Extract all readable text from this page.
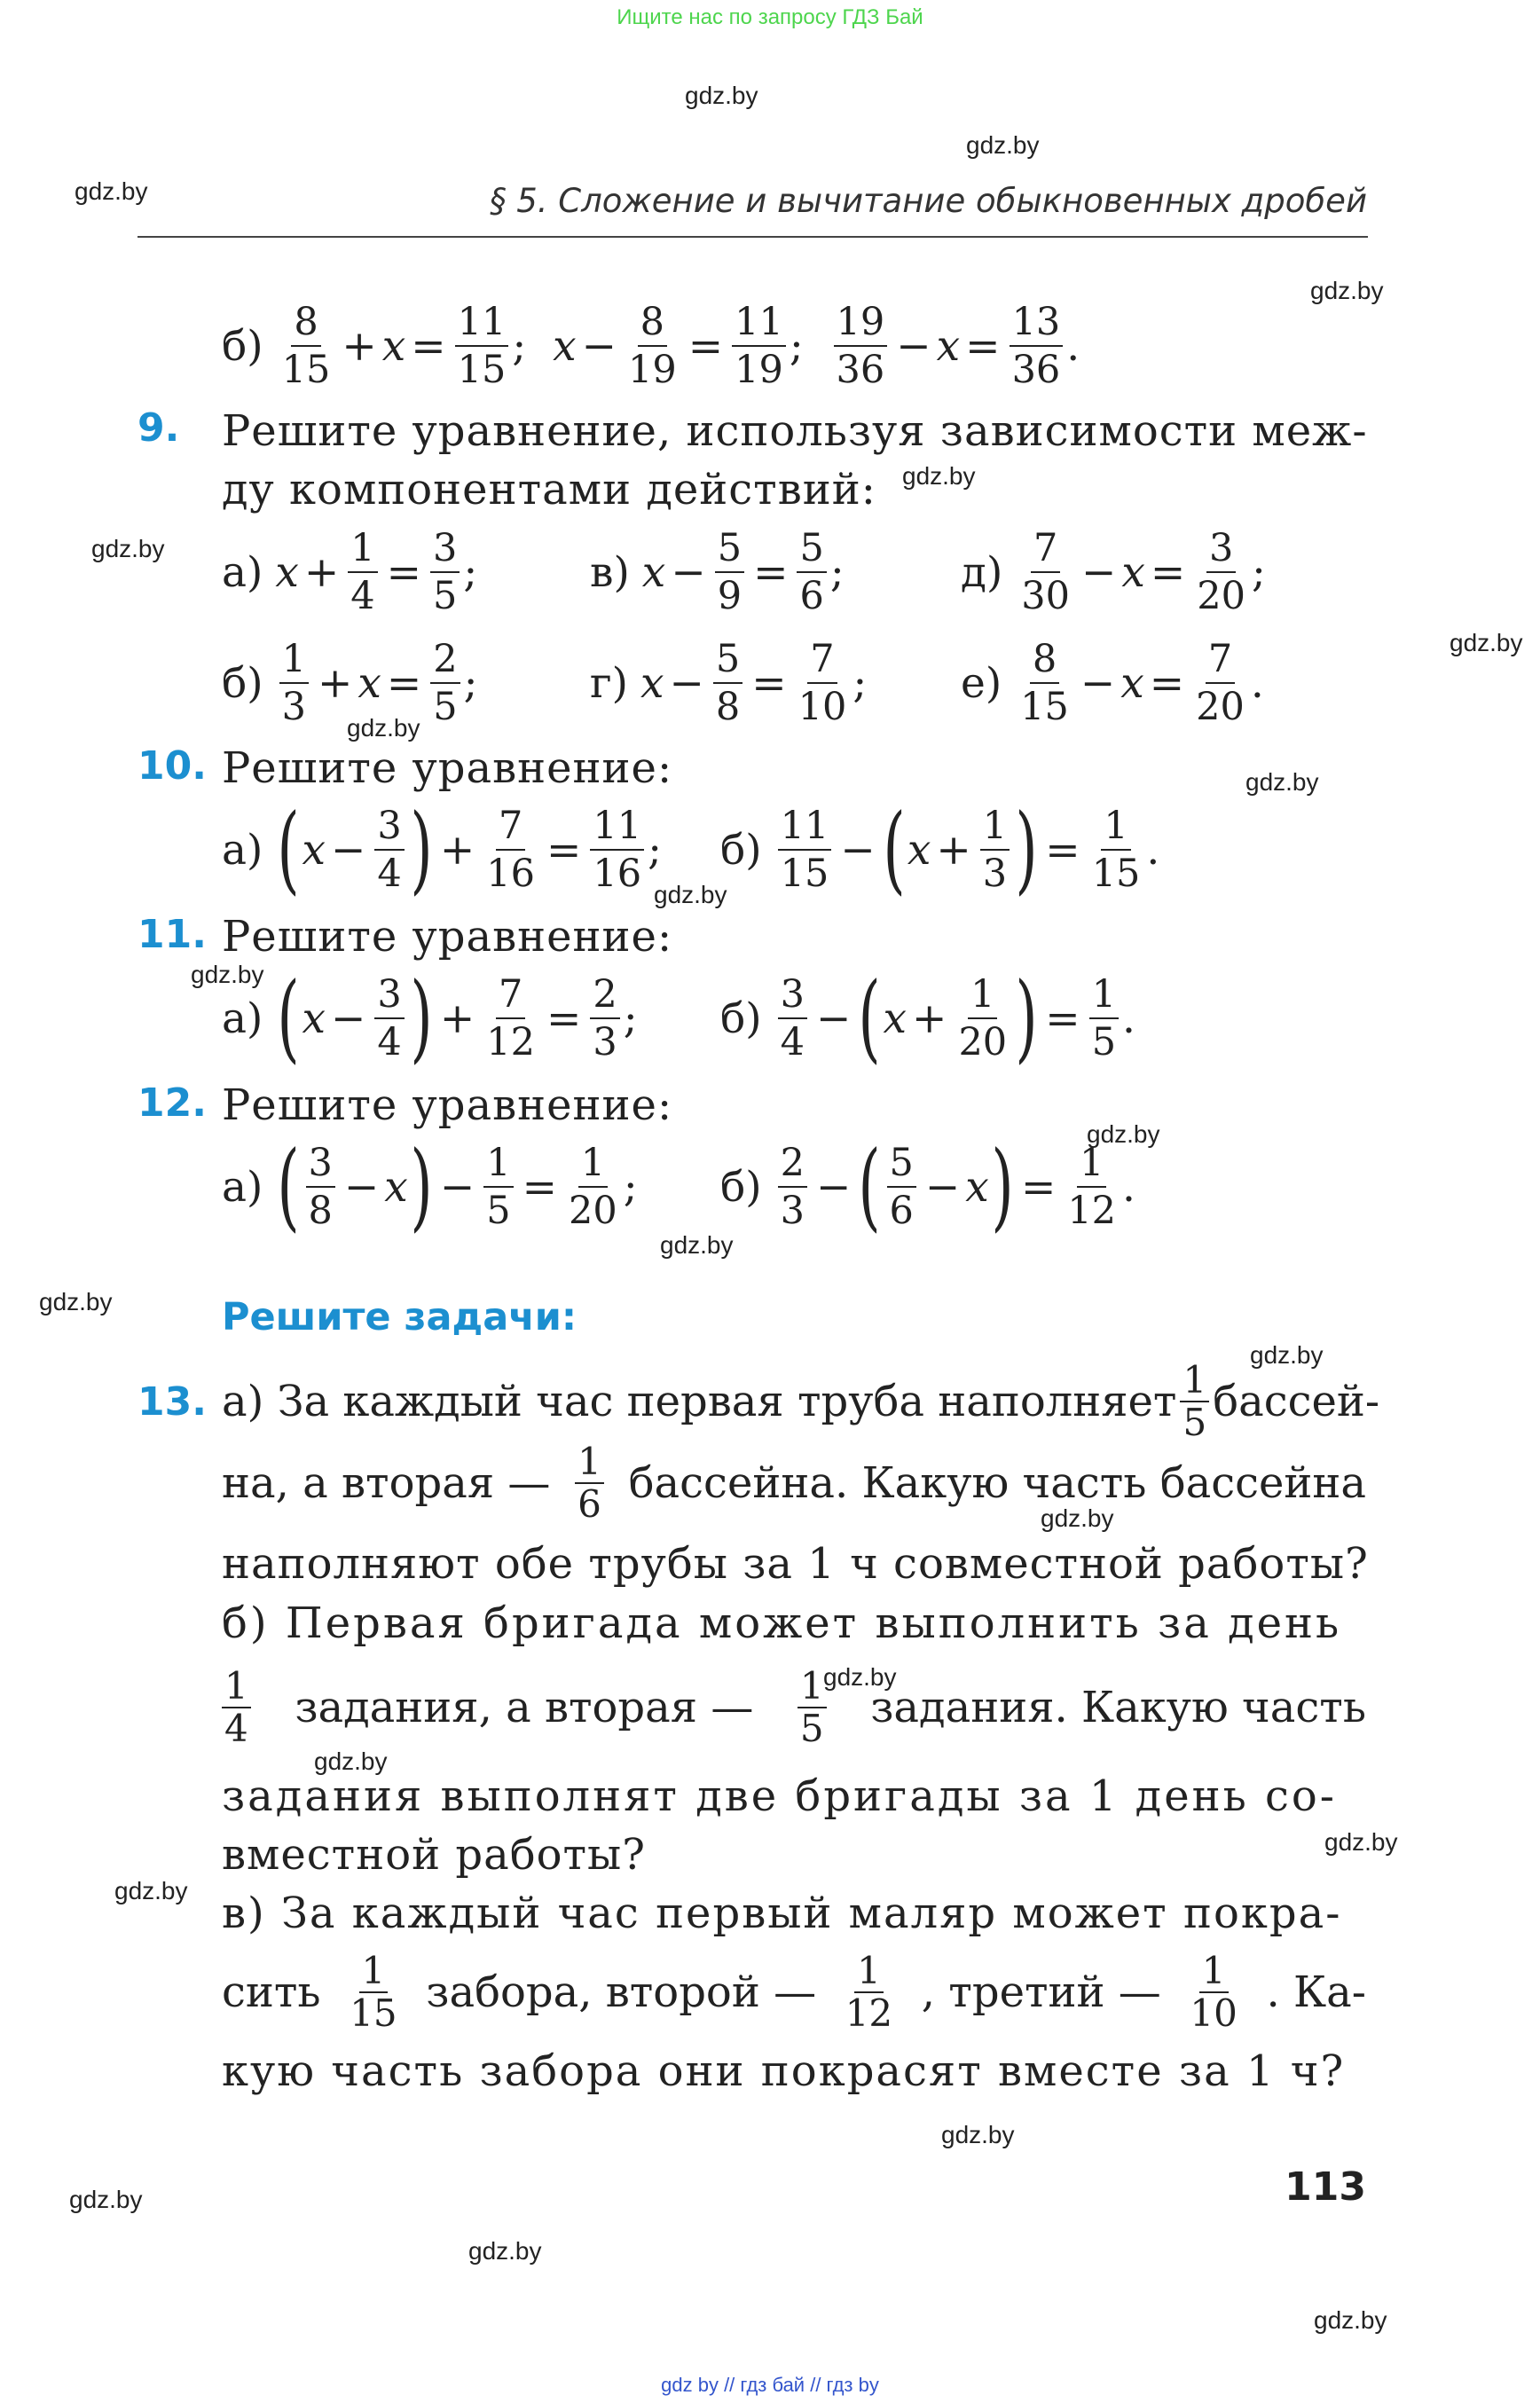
Ищите нас по запросу ГДЗ Бай
gdz.by
gdz.by
gdz.by
gdz.by
gdz.by
gdz.by
gdz.by
gdz.by
gdz.by
gdz.by
gdz.by
gdz.by
gdz.by
gdz.by
gdz.by
gdz.by
gdz.by
gdz.by
gdz.by
gdz.by
gdz.by
gdz.by
gdz.by
gdz.by
§ 5. Сложение и вычитание обыкновенных дробей
$б) \frac{8}{15} + x = \frac{11}{15}$ ; $x - \frac{8}{19} = \frac{11}{19}$ ; $\frac{19}{36} - x = \frac{13}{36}$ .
9. Решите уравнение, используя зависимости меж-
ду компонентами действий:
а) $x + \frac{1}{4} = \frac{3}{5}$ ;	в) $x - \frac{5}{9} = \frac{5}{6}$ ;	$д) \frac{7}{30} - x = \frac{3}{20}$ ;
$б) \frac{1}{3} + x = \frac{2}{5}$ ;	г) $x - \frac{5}{8} = \frac{7}{10}$ ; $е) \frac{8}{15} - x = \frac{7}{20}$ .
10. Решите уравнение:
а) ( $x - \frac{3}{4}$ ) + $\frac{7}{16} = \frac{11}{16}$ ; $б) \frac{11}{15}$ − ( $x + \frac{1}{3}$ ) = $\frac{1}{15}$ .
11. Решите уравнение:
а) ( $x - \frac{3}{4}$ ) + $\frac{7}{12} = \frac{2}{3}$ ; $б) \frac{3}{4}$ − ( $x + \frac{1}{20}$ ) = $\frac{1}{5}$ .
12. Решите уравнение:
а) ( $\frac{3}{8} - x$ ) − $\frac{1}{5} = \frac{1}{20}$ ; $б) \frac{2}{3}$ − ( $\frac{5}{6} - x$ ) = $\frac{1}{12}$ .
Решите задачи:
13. а) За каждый час первая труба наполняет $\frac{1}{5}$ бассей-
на, а вторая — $\frac{1}{6}$ бассейна. Какую часть бассейна
наполняют обе трубы за 1 ч совместной работы?
б) Первая бригада может выполнить за день
$\frac{1}{4}$ задания, а вторая — $\frac{1}{5}$ задания. Какую часть
задания выполнят две бригады за 1 день со-
вместной работы?
в) За каждый час первый маляр может покра-
сить $\frac{1}{15}$ забора, второй — $\frac{1}{12}$ , третий — $\frac{1}{10}$ . Ка-
кую часть забора они покрасят вместе за 1 ч?
113
gdz by // гдз бай // гдз by
